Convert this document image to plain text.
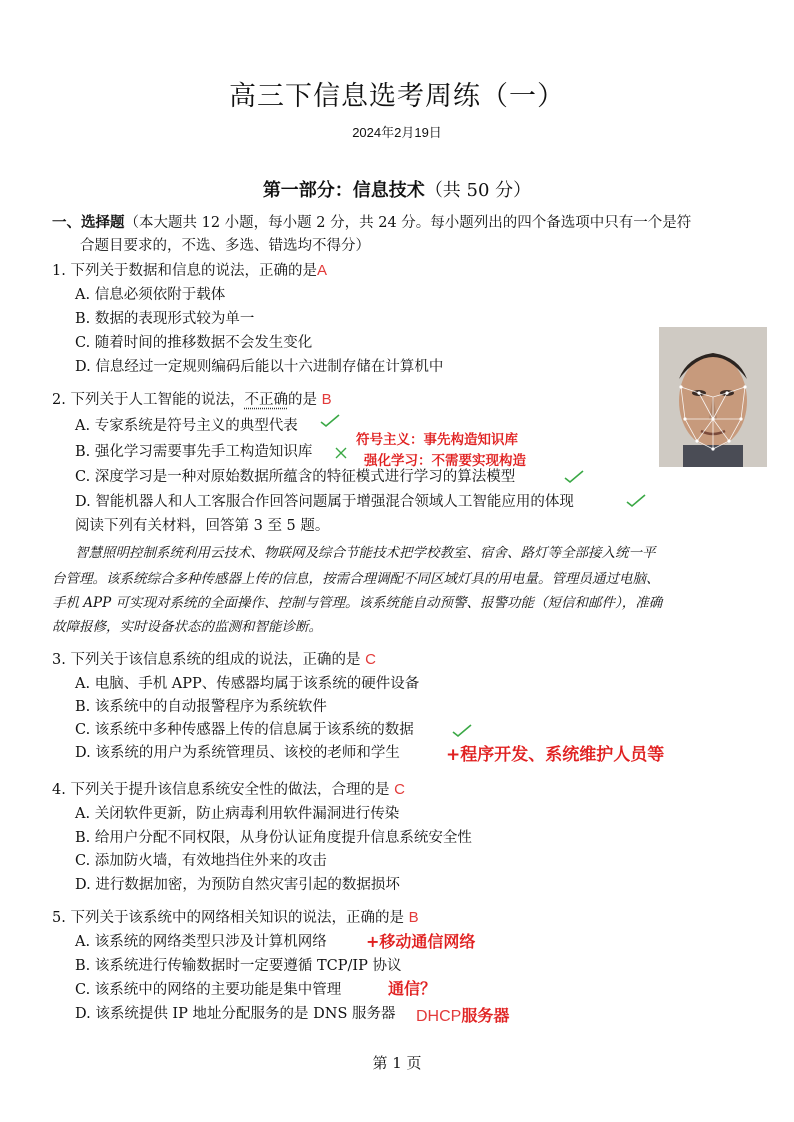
高三下信息选考周练（一）
2024年2月19日
第一部分：信息技术（共 50 分）
一、选择题（本大题共 12 小题，每小题 2 分，共 24 分。每小题列出的四个备选项中只有一个是符
合题目要求的，不选、多选、错选均不得分）
1. 下列关于数据和信息的说法，正确的是A
A. 信息必须依附于载体
B. 数据的表现形式较为单一
C. 随着时间的推移数据不会发生变化
D. 信息经过一定规则编码后能以十六进制存储在计算机中
2. 下列关于人工智能的说法，不正确的是 B
A. 专家系统是符号主义的典型代表
符号主义：事先构造知识库
B. 强化学习需要事先手工构造知识库
强化学习：不需要实现构造
C. 深度学习是一种对原始数据所蕴含的特征模式进行学习的算法模型
D. 智能机器人和人工客服合作回答问题属于增强混合领域人工智能应用的体现
阅读下列有关材料，回答第 3 至 5 题。
智慧照明控制系统利用云技术、物联网及综合节能技术把学校教室、宿舍、路灯等全部接入统一平
台管理。该系统综合多种传感器上传的信息，按需合理调配不同区域灯具的用电量。管理员通过电脑、
手机 APP 可实现对系统的全面操作、控制与管理。该系统能自动预警、报警功能（短信和邮件），准确
故障报修，实时设备状态的监测和智能诊断。
3. 下列关于该信息系统的组成的说法，正确的是 C
A. 电脑、手机 APP、传感器均属于该系统的硬件设备
B. 该系统中的自动报警程序为系统软件
C. 该系统中多种传感器上传的信息属于该系统的数据
D. 该系统的用户为系统管理员、该校的老师和学生	+程序开发、系统维护人员等
4. 下列关于提升该信息系统安全性的做法，合理的是 C
A. 关闭软件更新，防止病毒利用软件漏洞进行传染
B. 给用户分配不同权限，从身份认证角度提升信息系统安全性
C. 添加防火墙，有效地挡住外来的攻击
D. 进行数据加密，为预防自然灾害引起的数据损坏
5. 下列关于该系统中的网络相关知识的说法，正确的是 B
A. 该系统的网络类型只涉及计算机网络 +移动通信网络
B. 该系统进行传输数据时一定要遵循 TCP/IP 协议
C. 该系统中的网络的主要功能是集中管理	通信？
D. 该系统提供 IP 地址分配服务的是 DNS 服务器 DHCP服务器
第 1 页
